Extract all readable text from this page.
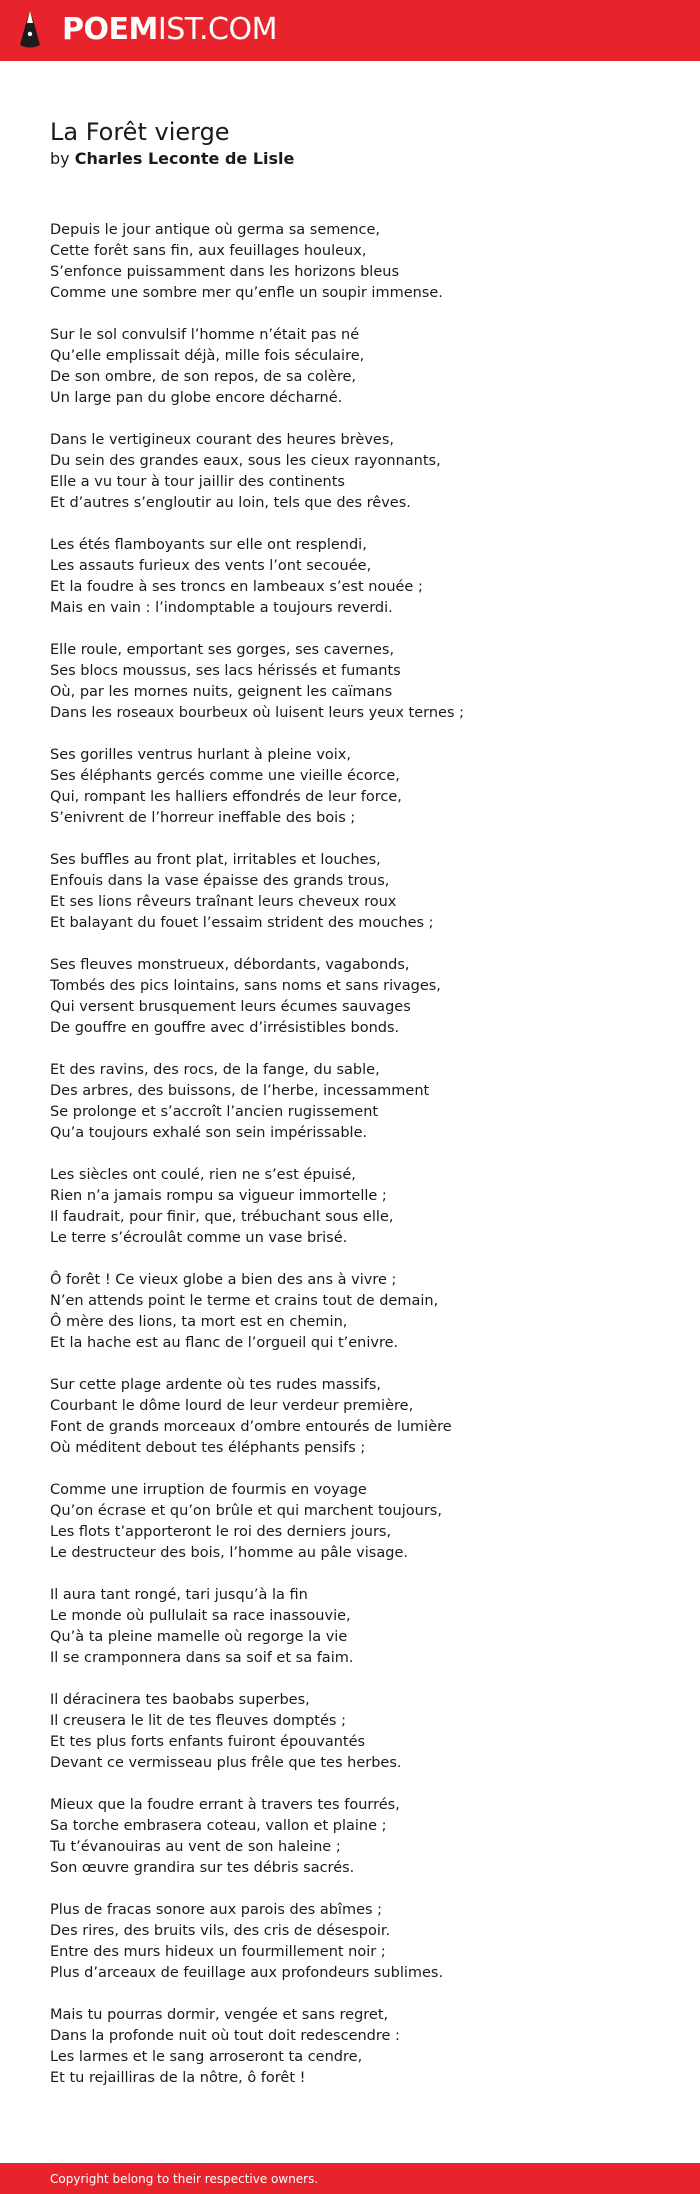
POEMIST.COM
La Forêt vierge
by Charles Leconte de Lisle
Depuis le jour antique où germa sa semence,
Cette forêt sans fin, aux feuillages houleux,
S’enfonce puissamment dans les horizons bleus
Comme une sombre mer qu’enfle un soupir immense.
Sur le sol convulsif l’homme n’était pas né
Qu’elle emplissait déjà, mille fois séculaire,
De son ombre, de son repos, de sa colère,
Un large pan du globe encore décharné.
Dans le vertigineux courant des heures brèves,
Du sein des grandes eaux, sous les cieux rayonnants,
Elle a vu tour à tour jaillir des continents
Et d’autres s’engloutir au loin, tels que des rêves.
Les étés flamboyants sur elle ont resplendi,
Les assauts furieux des vents l’ont secouée,
Et la foudre à ses troncs en lambeaux s’est nouée ;
Mais en vain : l’indomptable a toujours reverdi.
Elle roule, emportant ses gorges, ses cavernes,
Ses blocs moussus, ses lacs hérissés et fumants
Où, par les mornes nuits, geignent les caïmans
Dans les roseaux bourbeux où luisent leurs yeux ternes ;
Ses gorilles ventrus hurlant à pleine voix,
Ses éléphants gercés comme une vieille écorce,
Qui, rompant les halliers effondrés de leur force,
S’enivrent de l’horreur ineffable des bois ;
Ses buffles au front plat, irritables et louches,
Enfouis dans la vase épaisse des grands trous,
Et ses lions rêveurs traînant leurs cheveux roux
Et balayant du fouet l’essaim strident des mouches ;
Ses fleuves monstrueux, débordants, vagabonds,
Tombés des pics lointains, sans noms et sans rivages,
Qui versent brusquement leurs écumes sauvages
De gouffre en gouffre avec d’irrésistibles bonds.
Et des ravins, des rocs, de la fange, du sable,
Des arbres, des buissons, de l’herbe, incessamment
Se prolonge et s’accroît l’ancien rugissement
Qu’a toujours exhalé son sein impérissable.
Les siècles ont coulé, rien ne s’est épuisé,
Rien n’a jamais rompu sa vigueur immortelle ;
Il faudrait, pour finir, que, trébuchant sous elle,
Le terre s’écroulât comme un vase brisé.
Ô forêt ! Ce vieux globe a bien des ans à vivre ;
N’en attends point le terme et crains tout de demain,
Ô mère des lions, ta mort est en chemin,
Et la hache est au flanc de l’orgueil qui t’enivre.
Sur cette plage ardente où tes rudes massifs,
Courbant le dôme lourd de leur verdeur première,
Font de grands morceaux d’ombre entourés de lumière
Où méditent debout tes éléphants pensifs ;
Comme une irruption de fourmis en voyage
Qu’on écrase et qu’on brûle et qui marchent toujours,
Les flots t’apporteront le roi des derniers jours,
Le destructeur des bois, l’homme au pâle visage.
Il aura tant rongé, tari jusqu’à la fin
Le monde où pullulait sa race inassouvie,
Qu’à ta pleine mamelle où regorge la vie
Il se cramponnera dans sa soif et sa faim.
Il déracinera tes baobabs superbes,
Il creusera le lit de tes fleuves domptés ;
Et tes plus forts enfants fuiront épouvantés
Devant ce vermisseau plus frêle que tes herbes.
Mieux que la foudre errant à travers tes fourrés,
Sa torche embrasera coteau, vallon et plaine ;
Tu t’évanouiras au vent de son haleine ;
Son œuvre grandira sur tes débris sacrés.
Plus de fracas sonore aux parois des abîmes ;
Des rires, des bruits vils, des cris de désespoir.
Entre des murs hideux un fourmillement noir ;
Plus d’arceaux de feuillage aux profondeurs sublimes.
Mais tu pourras dormir, vengée et sans regret,
Dans la profonde nuit où tout doit redescendre :
Les larmes et le sang arroseront ta cendre,
Et tu rejailliras de la nôtre, ô forêt !
Copyright belong to their respective owners.
